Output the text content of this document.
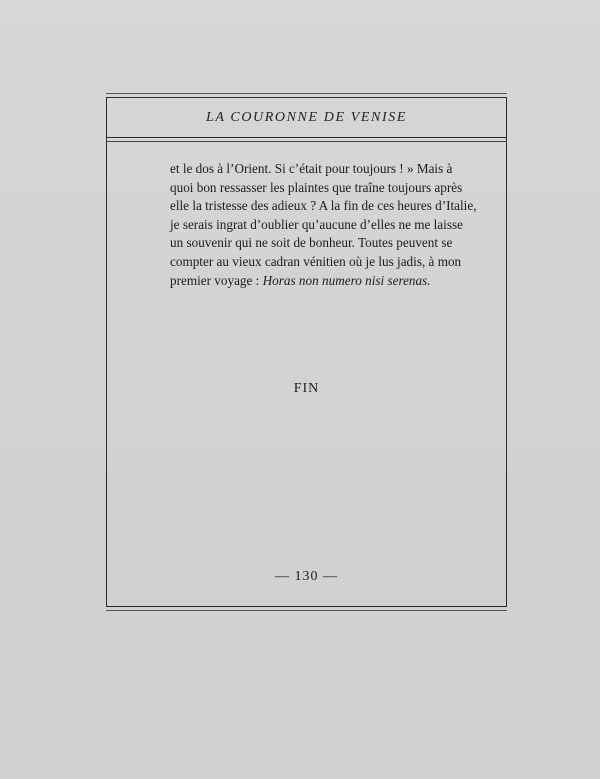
LA COURONNE DE VENISE
et le dos à l’Orient. Si c’était pour toujours ! » Mais à
quoi bon ressasser les plaintes que traîne toujours après
elle la tristesse des adieux ? A la fin de ces heures d’Italie,
je serais ingrat d’oublier qu’aucune d’elles ne me laisse
un souvenir qui ne soit de bonheur. Toutes peuvent se
compter au vieux cadran vénitien où je lus jadis, à mon
premier voyage : Horas non numero nisi serenas.
FIN
— 130 —
